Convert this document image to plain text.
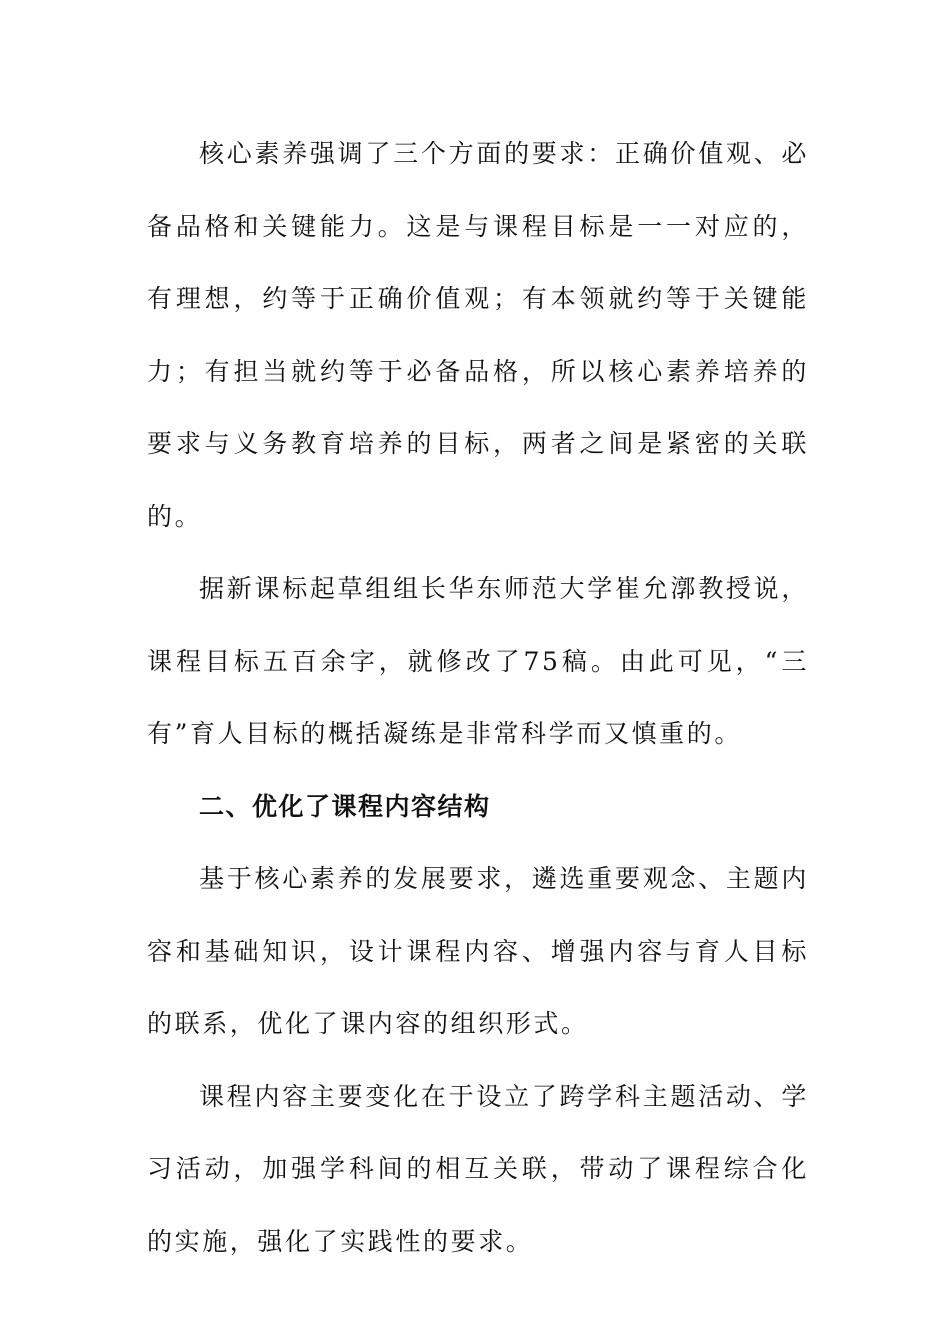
核心素养强调了三个方面的要求：正确价值观、必备品格和关键能力。这是与课程目标是一一对应的，有理想，约等于正确价值观；有本领就约等于关键能力；有担当就约等于必备品格，所以核心素养培养的要求与义务教育培养的目标，两者之间是紧密的关联的。

据新课标起草组组长华东师范大学崔允漷教授说，课程目标五百余字，就修改了75稿。由此可见，“三有”育人目标的概括凝练是非常科学而又慎重的。

二、优化了课程内容结构

基于核心素养的发展要求，遴选重要观念、主题内容和基础知识，设计课程内容、增强内容与育人目标的联系，优化了课内容的组织形式。

课程内容主要变化在于设立了跨学科主题活动、学习活动，加强学科间的相互关联，带动了课程综合化的实施，强化了实践性的要求。
